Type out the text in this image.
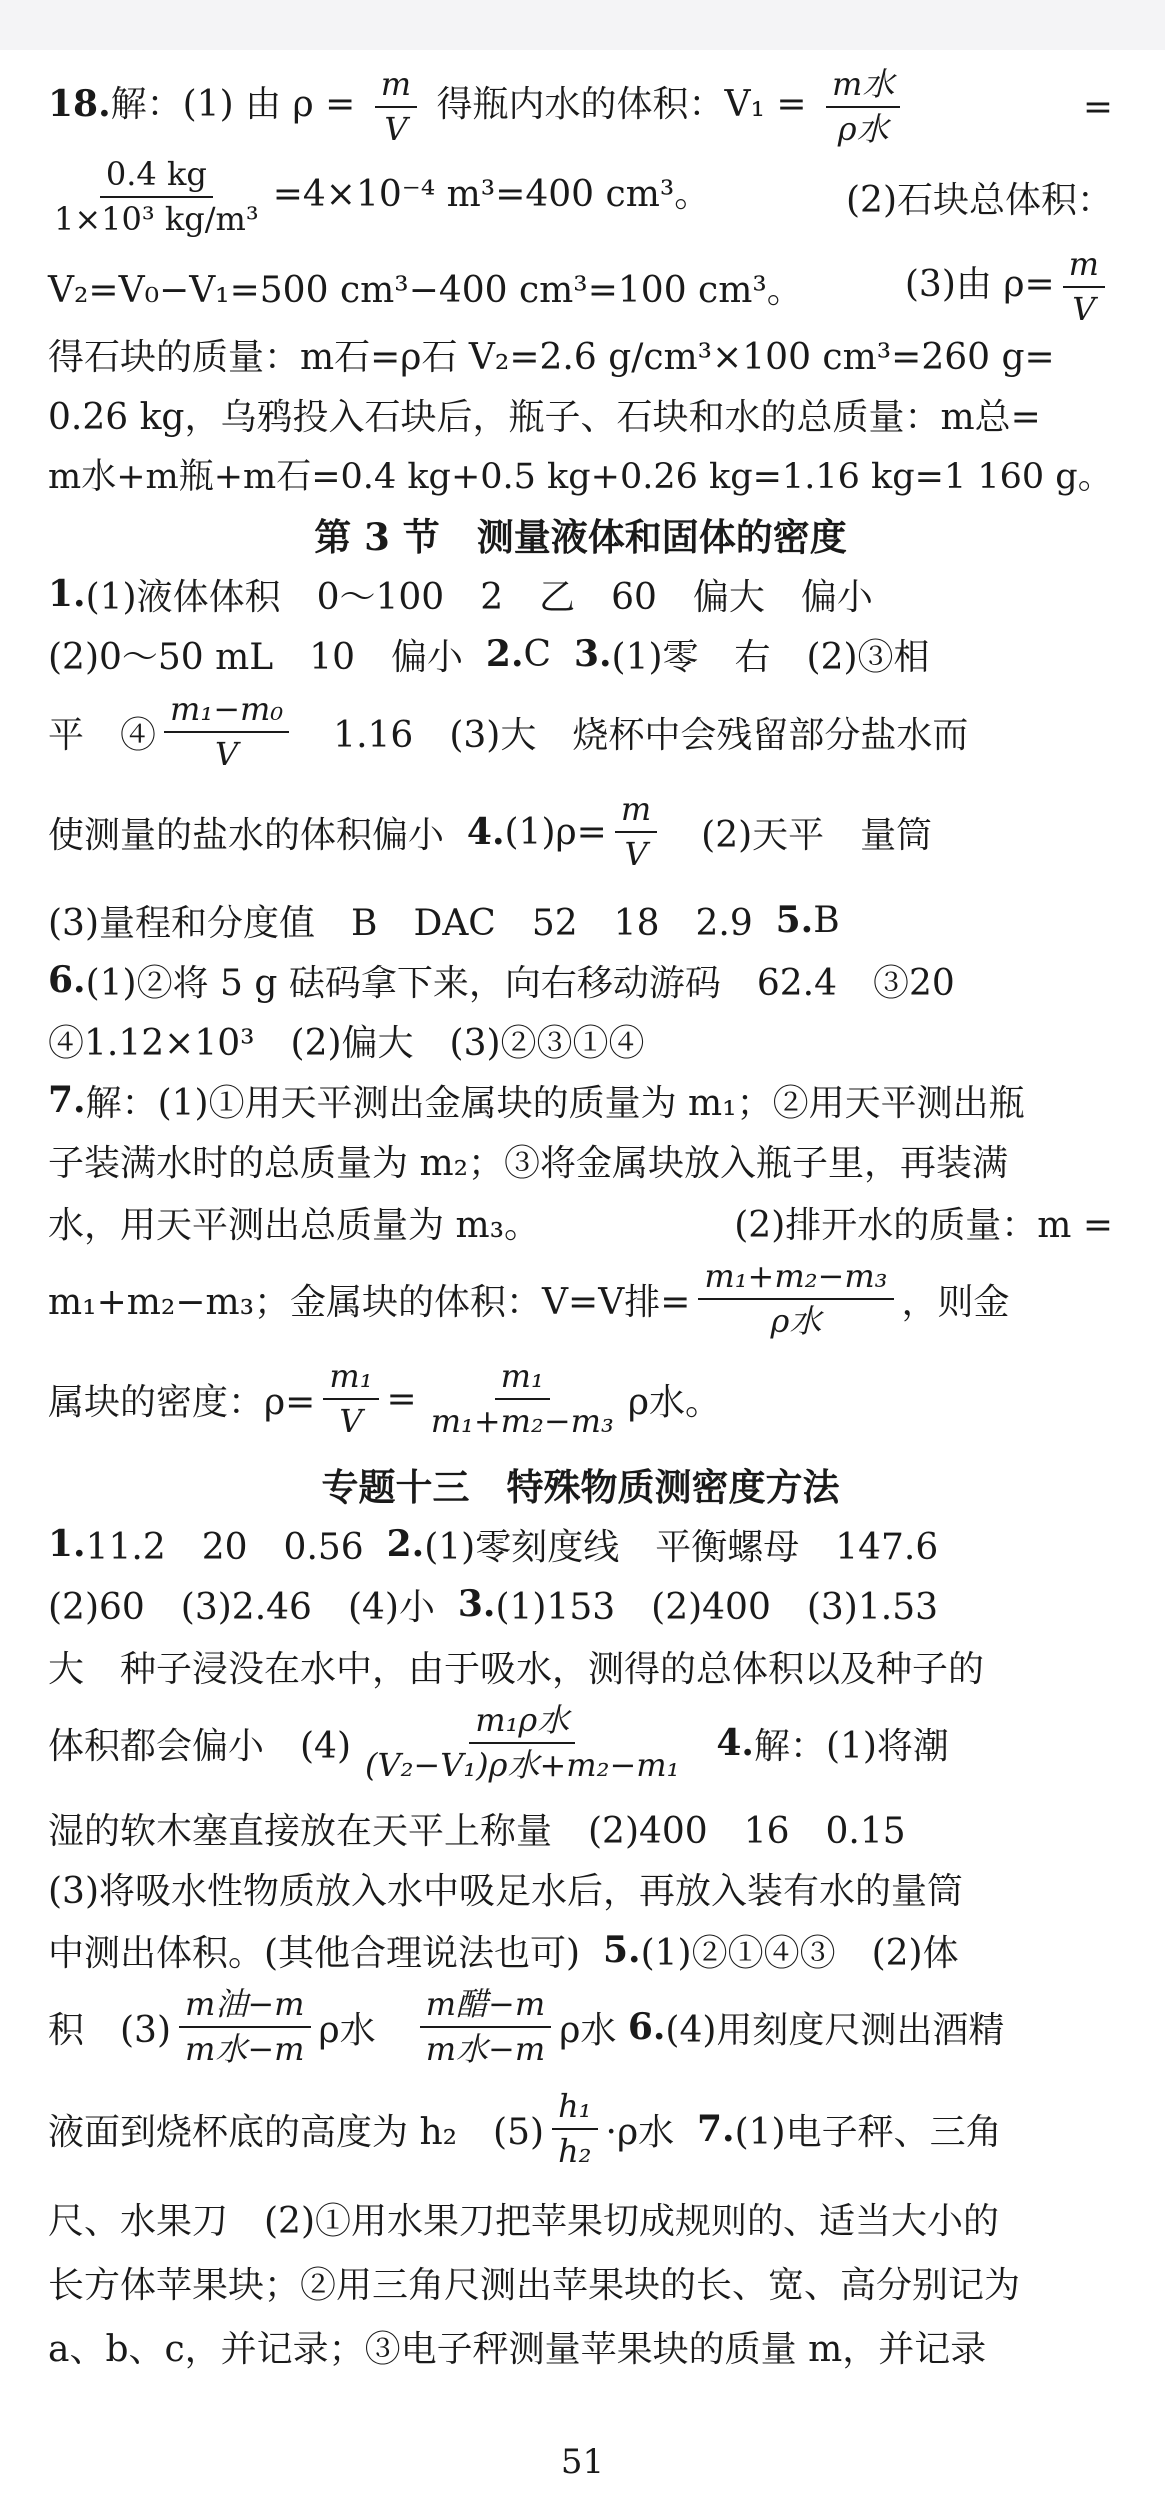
18.解：(1) 由 $\rho = \frac{m}{V}$ 得瓶内水的体积：$V_1 = \frac{\text{m水}}{\text{ρ水}}$	=
$\frac{0.4 kg}{\text{1×10³ kg/m³}} =4\times 10^{-4}$ m³=400 cm³。	(2)石块总体积：
V₂=V₀−V₁=500 cm³−400 cm³=100 cm³。	(3)由 $\rho= \frac{m}{V}$
得石块的质量：m石=ρ石 V₂=2.6 g/cm³×100 cm³=260 g=
0.26 kg，乌鸦投入石块后，瓶子、石块和水的总质量：m总=
m水+m瓶+m石=0.4 kg+0.5 kg+0.26 kg=1.16 kg=1 160 g。
第 3 节　测量液体和固体的密度
1. (1)液体体积　0～100　2　乙　60　偏大　偏小
(2)0～50 mL　10　偏小
2. C
3. (1)零　右　(2)③相
平　④ $\frac{\text{m₁−m₀}}{V}$ 　1.16　(3)大　烧杯中会残留部分盐水而
使测量的盐水的体积偏小
4. $(1)\rho= \frac{m}{V}$ 　(2)天平　量筒
(3)量程和分度值　B　DAC　52　18　2.9
5. B
6. (1)②将 5 g 砝码拿下来，向右移动游码　62.4　③20
④1.12×10³　(2)偏大　(3)②③①④
7. 解：(1)①用天平测出金属块的质量为 m₁；②用天平测出瓶
子装满水时的总质量为 m₂；③将金属块放入瓶子里，再装满
水，用天平测出总质量为 m₃。	(2)排开水的质量：m =
m₁+m₂−m₃；金属块的体积：V=V排= $\frac{\text{m₁+m₂−m₃}}{\text{ρ水}}$ ，则金
属块的密度：$\rho= \frac{\text{m₁}}{V} = \frac{\text{m₁}}{\text{m₁+m₂−m₃}}$ ρ水。
专题十三　特殊物质测密度方法
1. 11.2　20　0.56
2. (1)零刻度线　平衡螺母　147.6
(2)60　(3)2.46　(4)小
3. (1)153　(2)400　(3)1.53
大　种子浸没在水中，由于吸水，测得的总体积以及种子的
体积都会偏小　$(4) \frac{\text{m₁ρ水}}{\text{(V₂−V₁)ρ水+m₂−m₁}}$
4. 解：(1)将潮
湿的软木塞直接放在天平上称量　(2)400　16　0.15
(3)将吸水性物质放入水中吸足水后，再放入装有水的量筒
中测出体积。(其他合理说法也可)
5. (1)②①④③　(2)体
积　$(3) \frac{\text{m油−m}}{\text{m水−m}}$ ρ水　 $\frac{\text{m醋−m}}{\text{m水−m}}$ ρ水
6. (4)用刻度尺测出酒精
液面到烧杯底的高度为 h₂　$(5) \frac{\text{h₁}}{\text{h₂}} \cdot\rho$水
7. (1)电子秤、三角
尺、水果刀　(2)①用水果刀把苹果切成规则的、适当大小的
长方体苹果块；②用三角尺测出苹果块的长、宽、高分别记为
a、b、c，并记录；③电子秤测量苹果块的质量 m，并记录
51
